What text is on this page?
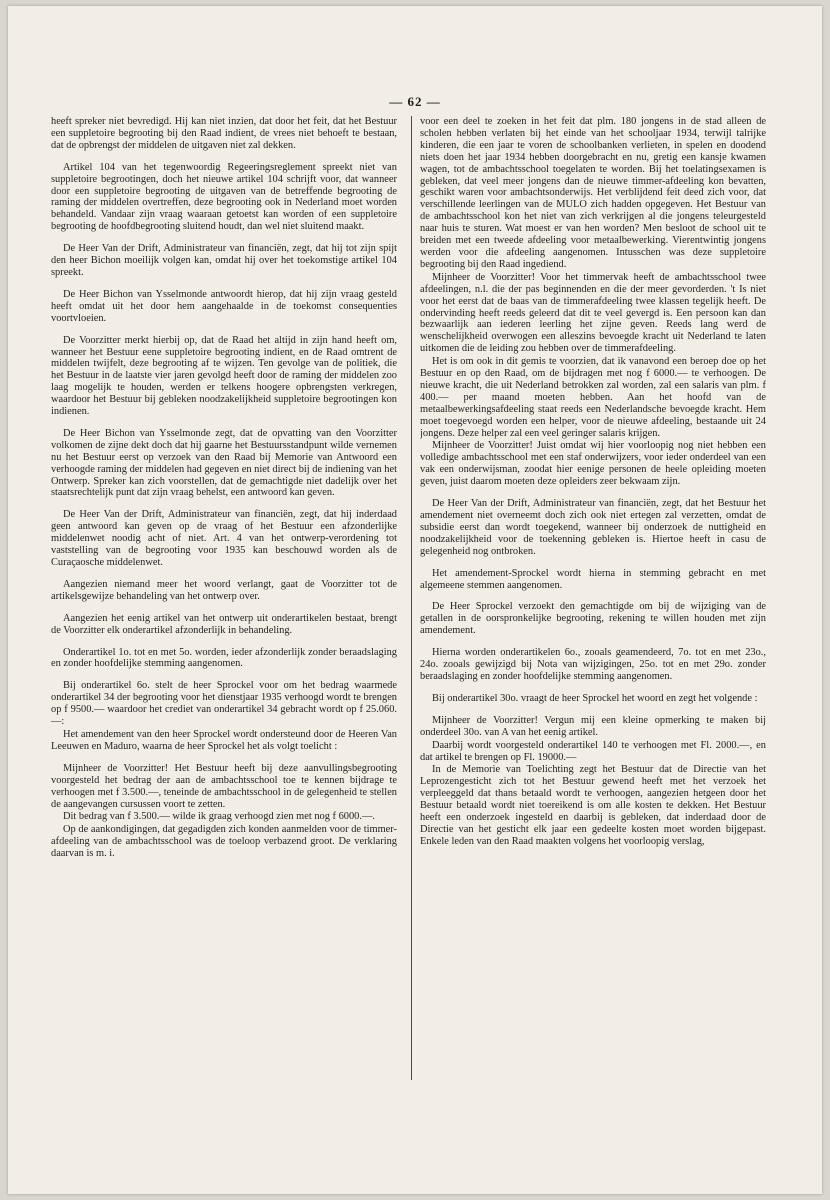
— 62 —

heeft spreker niet bevredigd. Hij kan niet inzien, dat door het feit, dat het Bestuur een suppletoire begrooting bij den Raad indient, de vrees niet behoeft te bestaan, dat de opbrengst der middelen de uitgaven niet zal dekken.

Artikel 104 van het tegenwoordig Regeeringsreglement spreekt niet van suppletoire begrootingen, doch het nieuwe artikel 104 schrijft voor, dat wanneer door een suppletoire begrooting de uitgaven van de betreffende begrooting de raming der middelen overtreffen, deze begrooting ook in Nederland moet worden behandeld. Vandaar zijn vraag waaraan getoetst kan worden of een suppletoire begrooting de hoofdbegrooting sluitend houdt, dan wel niet sluitend maakt.

De Heer Van der Drift, Administrateur van financiën, zegt, dat hij tot zijn spijt den heer Bichon moeilijk volgen kan, omdat hij over het toekomstige artikel 104 spreekt.

De Heer Bichon van Ysselmonde antwoordt hierop, dat hij zijn vraag gesteld heeft omdat uit het door hem aangehaalde in de toekomst consequenties voortvloeien.

De Voorzitter merkt hierbij op, dat de Raad het altijd in zijn hand heeft om, wanneer het Bestuur eene suppletoire begrooting indient, en de Raad omtrent de middelen twijfelt, deze begrooting af te wijzen. Ten gevolge van de politiek, die het Bestuur in de laatste vier jaren gevolgd heeft door de raming der middelen zoo laag mogelijk te houden, werden er telkens hoogere opbrengsten verkregen, waardoor het Bestuur bij gebleken noodzakelijkheid suppletoire begrootingen kon indienen.

De Heer Bichon van Ysselmonde zegt, dat de opvatting van den Voorzitter volkomen de zijne dekt doch dat hij gaarne het Bestuursstandpunt wilde vernemen nu het Bestuur eerst op verzoek van den Raad bij Memorie van Antwoord een verhoogde raming der middelen had gegeven en niet direct bij de indiening van het Ontwerp. Spreker kan zich voorstellen, dat de gemachtigde niet dadelijk over het staatsrechtelijk punt dat zijn vraag behelst, een antwoord kan geven.

De Heer Van der Drift, Administrateur van financiën, zegt, dat hij inderdaad geen antwoord kan geven op de vraag of het Bestuur een afzonderlijke middelenwet noodig acht of niet. Art. 4 van het ontwerp-verordening tot vaststelling van de begrooting voor 1935 kan beschouwd worden als de Curaçaosche middelenwet.

Aangezien niemand meer het woord verlangt, gaat de Voorzitter tot de artikelsgewijze behandeling van het ontwerp over.

Aangezien het eenig artikel van het ontwerp uit onderartikelen bestaat, brengt de Voorzitter elk onderartikel afzonderlijk in behandeling.

Onderartikel 1o. tot en met 5o. worden, ieder afzonderlijk zonder beraadslaging en zonder hoofdelijke stemming aangenomen.

Bij onderartikel 6o. stelt de heer Sprockel voor om het bedrag waarmede onderartikel 34 der begrooting voor het dienstjaar 1935 verhoogd wordt te brengen op f 9500.— waardoor het crediet van onderartikel 34 gebracht wordt op f 25.060.—:

Het amendement van den heer Sprockel wordt ondersteund door de Heeren Van Leeuwen en Maduro, waarna de heer Sprockel het als volgt toelicht :

Mijnheer de Voorzitter! Het Bestuur heeft bij deze aanvullingsbegrooting voorgesteld het bedrag der aan de ambachtsschool toe te kennen bijdrage te verhoogen met f 3.500.—, teneinde de ambachtsschool in de gelegenheid te stellen de aangevangen cursussen voort te zetten.

Dit bedrag van f 3.500.— wilde ik graag verhoogd zien met nog f 6000.—.

Op de aankondigingen, dat gegadigden zich konden aanmelden voor de timmer-afdeeling van de ambachtsschool was de toeloop verbazend groot. De verklaring daarvan is m. i.

voor een deel te zoeken in het feit dat plm. 180 jongens in de stad alleen de scholen hebben verlaten bij het einde van het schooljaar 1934, terwijl talrijke kinderen, die een jaar te voren de schoolbanken verlieten, in spelen en doodend niets doen het jaar 1934 hebben doorgebracht en nu, gretig een kansje kwamen wagen, tot de ambachtsschool toegelaten te worden. Bij het toelatingsexamen is gebleken, dat veel meer jongens dan de nieuwe timmer-afdeeling kon bevatten, geschikt waren voor ambachtsonderwijs. Het verblijdend feit deed zich voor, dat verschillende leerlingen van de MULO zich hadden opgegeven. Het Bestuur van de ambachtsschool kon het niet van zich verkrijgen al die jongens teleurgesteld naar huis te sturen. Wat moest er van hen worden? Men besloot de school uit te breiden met een tweede afdeeling voor metaalbewerking. Vierentwintig jongens werden voor die afdeeling aangenomen. Intusschen was deze suppletoire begrooting bij den Raad ingediend.

Mijnheer de Voorzitter! Voor het timmervak heeft de ambachtsschool twee afdeelingen, n.l. die der pas beginnenden en die der meer gevorderden. 't Is niet voor het eerst dat de baas van de timmerafdeeling twee klassen tegelijk heeft. De ondervinding heeft reeds geleerd dat dit te veel gevergd is. Een persoon kan dan bezwaarlijk aan iederen leerling het zijne geven. Reeds lang werd de wenschelijkheid overwogen een alleszins bevoegde kracht uit Nederland te laten uitkomen die de leiding zou hebben over de timmerafdeeling.

Het is om ook in dit gemis te voorzien, dat ik vanavond een beroep doe op het Bestuur en op den Raad, om de bijdragen met nog f 6000.— te verhoogen. De nieuwe kracht, die uit Nederland betrokken zal worden, zal een salaris van plm. f 400.— per maand moeten hebben. Aan het hoofd van de metaalbewerkingsafdeeling staat reeds een Nederlandsche bevoegde kracht. Hem moet toegevoegd worden een helper, voor de nieuwe afdeeling, bestaande uit 24 jongens. Deze helper zal een veel geringer salaris krijgen.

Mijnheer de Voorzitter! Juist omdat wij hier voorloopig nog niet hebben een volledige ambachtsschool met een staf onderwijzers, voor ieder onderdeel van een vak een onderwijsman, zoodat hier eenige personen de heele opleiding moeten geven, juist daarom moeten deze opleiders zeer bekwaam zijn.

De Heer Van der Drift, Administrateur van financiën, zegt, dat het Bestuur het amendement niet overneemt doch zich ook niet ertegen zal verzetten, omdat de subsidie eerst dan wordt toegekend, wanneer bij onderzoek de nuttigheid en noodzakelijkheid voor de toekenning gebleken is. Hiertoe heeft in casu de gelegenheid nog ontbroken.

Het amendement-Sprockel wordt hierna in stemming gebracht en met algemeene stemmen aangenomen.

De Heer Sprockel verzoekt den gemachtigde om bij de wijziging van de getallen in de oorspronkelijke begrooting, rekening te willen houden met zijn amendement.

Hierna worden onderartikelen 6o., zooals geamendeerd, 7o. tot en met 23o., 24o. zooals gewijzigd bij Nota van wijzigingen, 25o. tot en met 29o. zonder beraadslaging en zonder hoofdelijke stemming aangenomen.

Bij onderartikel 30o. vraagt de heer Sprockel het woord en zegt het volgende :

Mijnheer de Voorzitter! Vergun mij een kleine opmerking te maken bij onderdeel 30o. van A van het eenig artikel.

Daarbij wordt voorgesteld onderartikel 140 te verhoogen met Fl. 2000.—, en dat artikel te brengen op Fl. 19000.—

In de Memorie van Toelichting zegt het Bestuur dat de Directie van het Leprozengesticht zich tot het Bestuur gewend heeft met het verzoek het verpleeggeld dat thans betaald wordt te verhoogen, aangezien hetgeen door het Bestuur betaald wordt niet toereikend is om alle kosten te dekken. Het Bestuur heeft een onderzoek ingesteld en daarbij is gebleken, dat inderdaad door de Directie van het gesticht elk jaar een gedeelte kosten moet worden bijgepast. Enkele leden van den Raad maakten volgens het voorloopig verslag,
